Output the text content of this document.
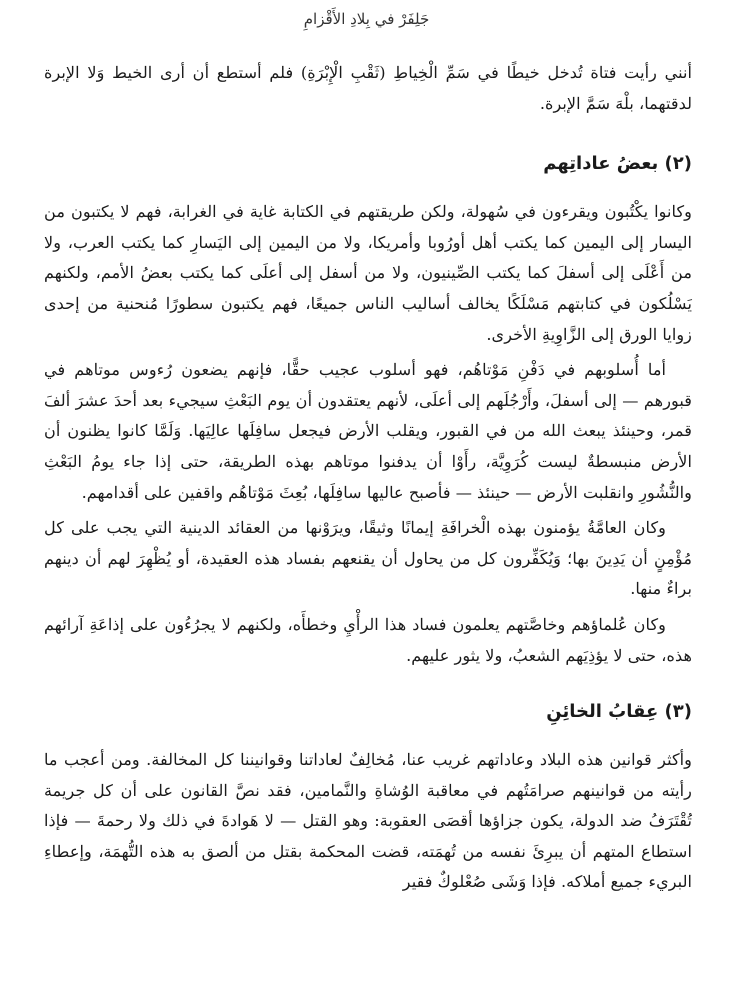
جَلِفَرْ في بِلادِ الأَقْزامِ

أنني رأيت فتاة تُدخل خيطًا في سَمِّ الْخِياطِ (ثَقْبِ الْإِبْرَةِ) فلم أستطع أن أرى الخيط وَلا الإبرة لدقتهما، بلْهَ سَمَّ الإبرة.

(٢) بعضُ عاداتِهم

وكانوا يكْتُبون ويقرءون في سُهولة، ولكن طريقتهم في الكتابة غاية في الغرابة، فهم لا يكتبون من اليسار إلى اليمين كما يكتب أهل أورُوبا وأمريكا، ولا من اليمين إلى اليَسارِ كما يكتب العرب، ولا من أَعْلَى إلى أسفلَ كما يكتب الصِّينيون، ولا من أسفل إلى أعلَى كما يكتب بعضُ الأمم، ولكنهم يَسْلُكون في كتابتهم مَسْلَكًا يخالف أساليب الناس جميعًا، فهم يكتبون سطورًا مُنحنية من إحدى زوايا الورق إلى الزَّاوِيةِ الأخرى.

أما أُسلوبهم في دَفْنِ مَوْتاهُم، فهو أسلوب عجيب حقًّا، فإنهم يضعون رُءوس موتاهم في قبورهم — إلى أسفلَ، وأَرْجُلَهم إلى أعلَى، لأنهم يعتقدون أن يوم البَعْثِ سيجيء بعد أحدَ عشرَ ألفَ قمر، وحينئذ يبعث الله من في القبور، ويقلب الأرض فيجعل سافِلَها عالِيَها. وَلَمَّا كانوا يظنون أن الأرض منبسطةٌ ليست كُرَوِيَّة، رأَوْا أن يدفنوا موتاهم بهذه الطريقة، حتى إذا جاء يومُ البَعْثِ والنُّشُورِ وانقلبت الأرض — حينئذ — فأصبح عاليها سافِلَها، بُعِثَ مَوْتاهُم واقفين على أقدامهم.

وكان العامَّةُ يؤمنون بهذه الْخرافَةِ إيمانًا وثيقًا، ويرَوْنها من العقائد الدينية التي يجب على كل مُؤْمِنٍ أن يَدِينَ بها؛ وَيُكَفِّرون كل من يحاول أن يقنعهم بفساد هذه العقيدة، أو يُظْهِرَ لهم أن دينهم براءٌ منها.

وكان عُلماؤهم وخاصَّتهم يعلمون فساد هذا الرأْيِ وخطأَه، ولكنهم لا يجرُءُون على إذاعَةِ آرائهم هذه، حتى لا يؤذِيَهم الشعبُ، ولا يثور عليهم.

(٣) عِقابُ الخائِنِ

وأكثر قوانين هذه البلاد وعاداتهم غريب عنا، مُخالِفٌ لعاداتنا وقوانيننا كل المخالفة. ومن أعجب ما رأيته من قوانينهم صرامَتُهم في معاقبة الوُشاةِ والنَّمامين، فقد نصَّ القانون على أن كل جريمة تُقْتَرَفُ ضد الدولة، يكون جزاؤها أقصَى العقوبة: وهو القتل — لا هَوادةَ في ذلك ولا رحمةَ — فإذا استطاع المتهم أن يبرِئَ نفسه من تُهمَته، قضت المحكمة بقتل من ألصق به هذه التُّهمَة، وإعطاءِ البريء جميع أملاكه. فإذا وَشَى صُعْلوكٌ فقير
